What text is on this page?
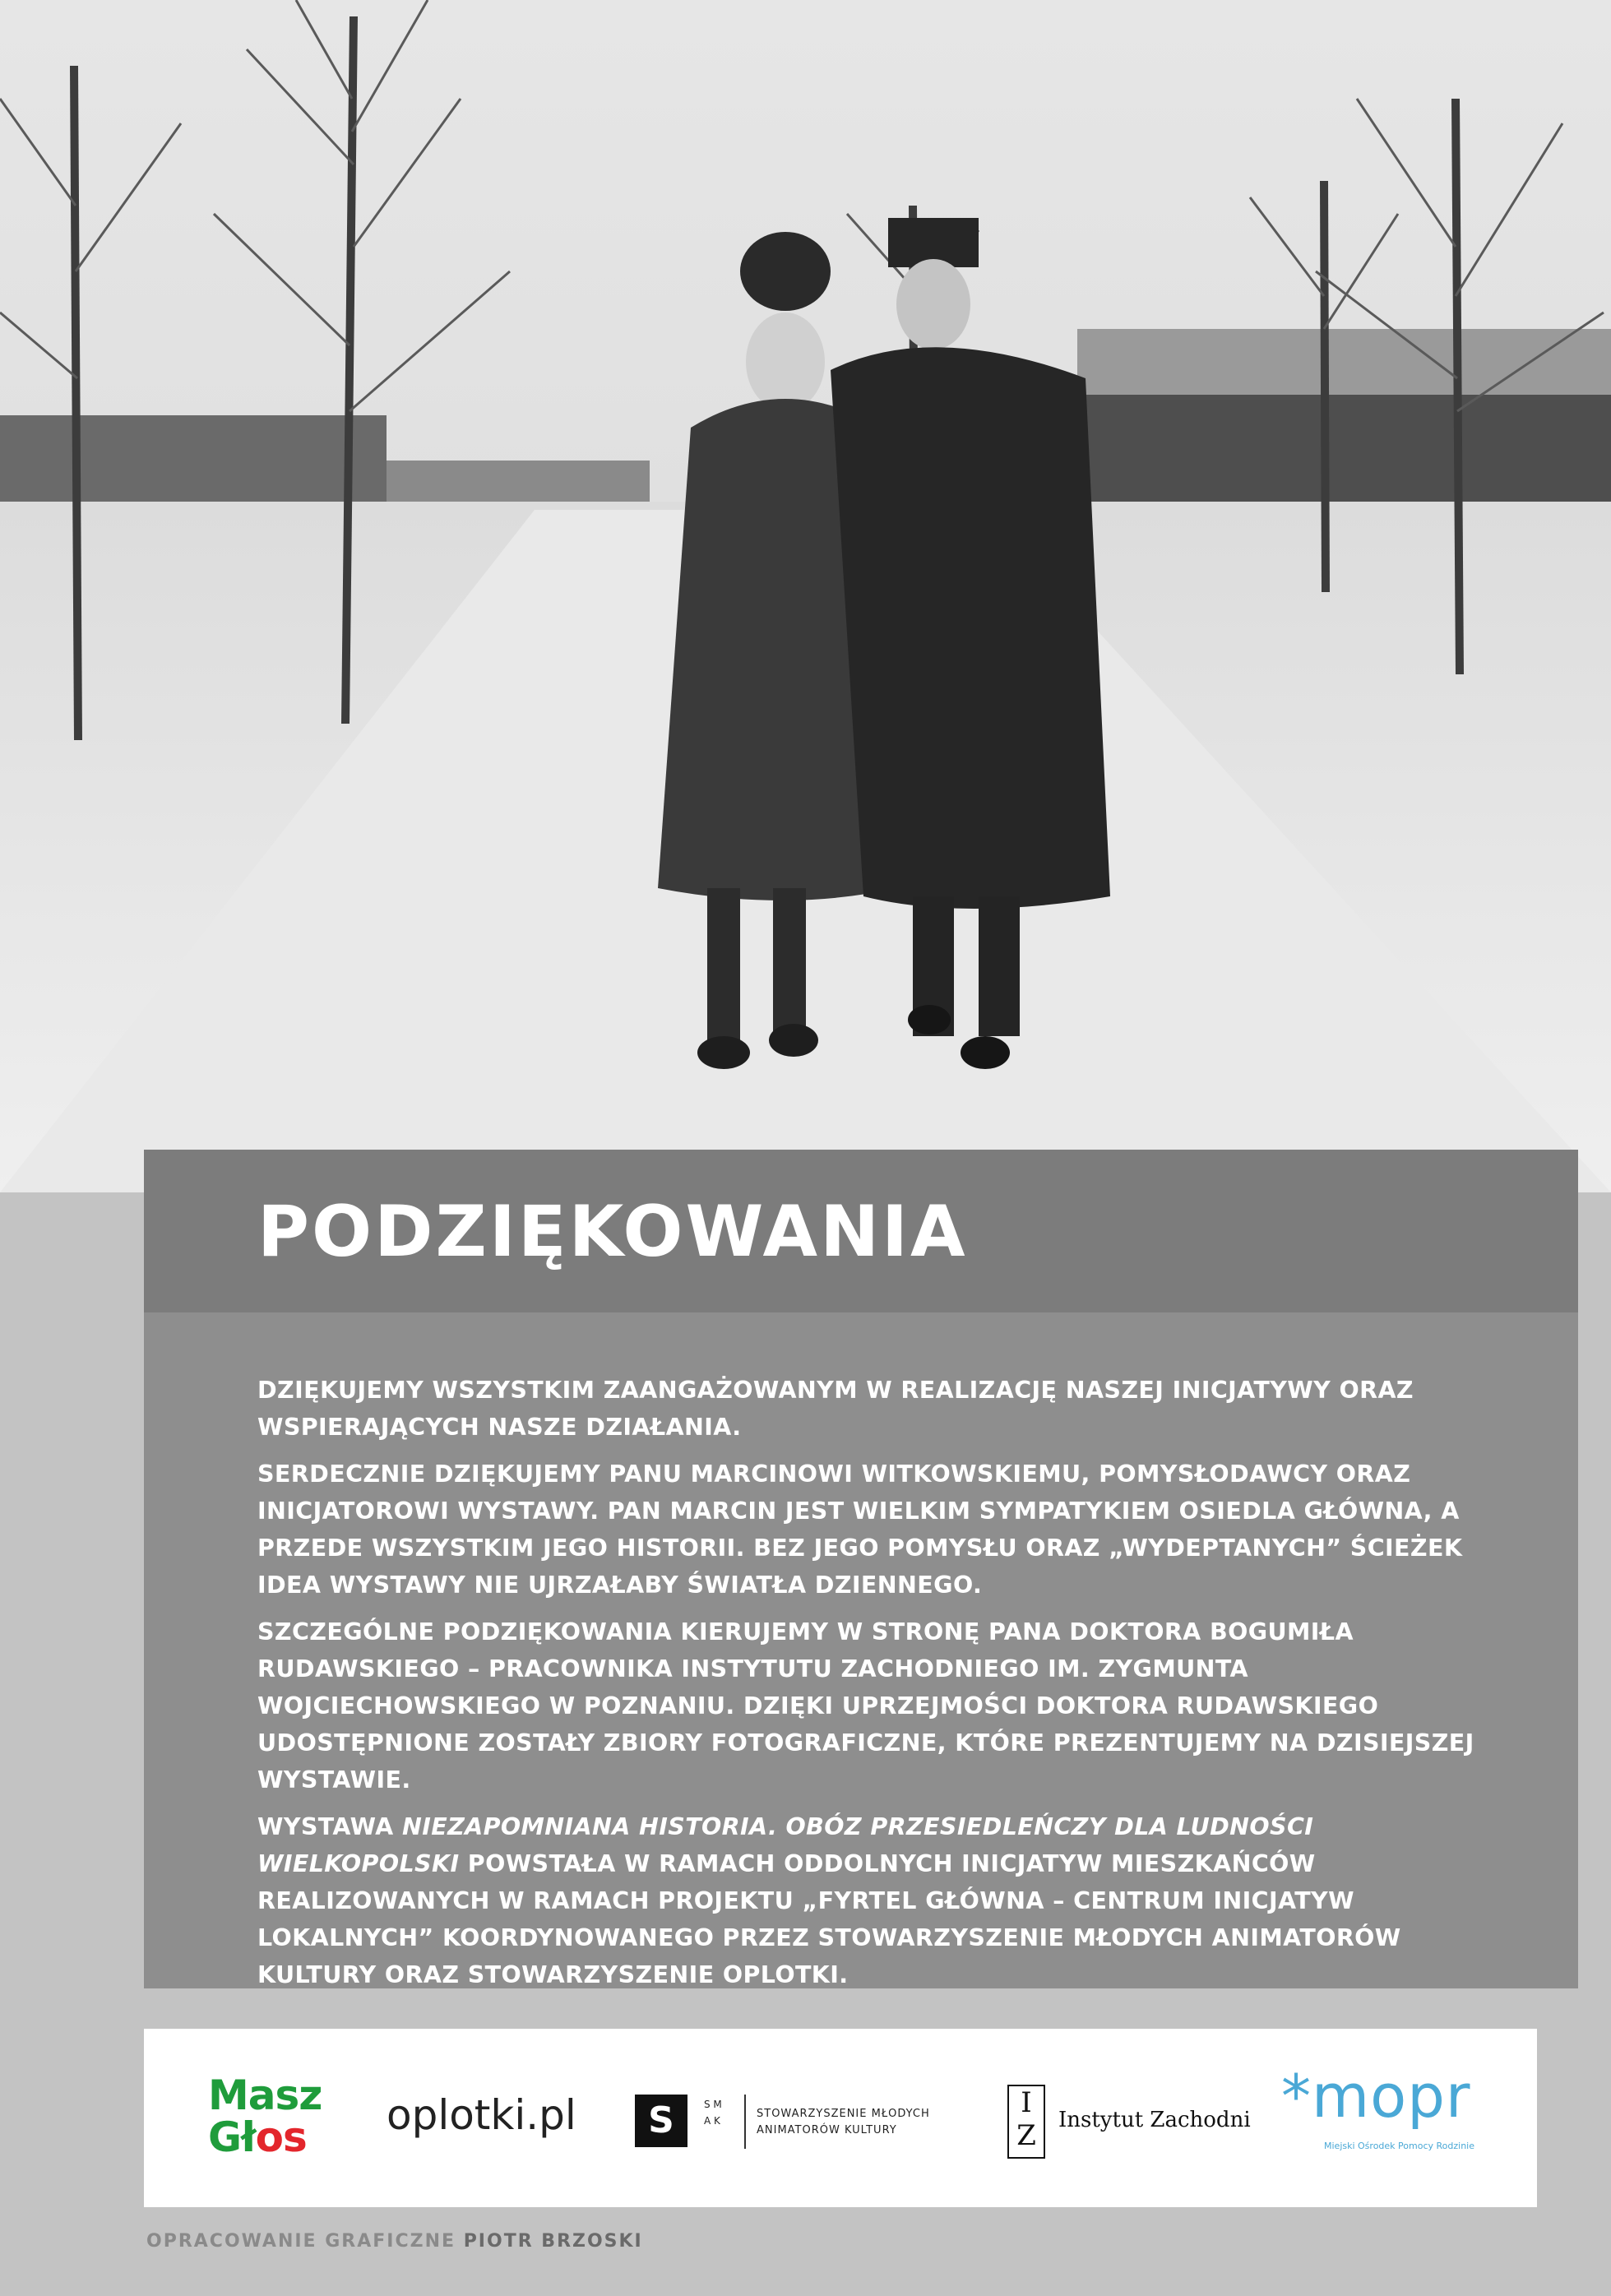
PODZIĘKOWANIA

DZIĘKUJEMY WSZYSTKIM ZAANGAŻOWANYM W REALIZACJĘ NASZEJ INICJATYWY ORAZ WSPIERAJĄCYCH NASZE DZIAŁANIA.

SERDECZNIE DZIĘKUJEMY PANU MARCINOWI WITKOWSKIEMU, POMYSŁODAWCY ORAZ INICJATOROWI WYSTAWY. PAN MARCIN JEST WIELKIM SYMPATYKIEM OSIEDLA GŁÓWNA, A PRZEDE WSZYSTKIM JEGO HISTORII. BEZ JEGO POMYSŁU ORAZ „WYDEPTANYCH” ŚCIEŻEK IDEA WYSTAWY NIE UJRZAŁABY ŚWIATŁA DZIENNEGO.

SZCZEGÓLNE PODZIĘKOWANIA KIERUJEMY W STRONĘ PANA DOKTORA BOGUMIŁA RUDAWSKIEGO – PRACOWNIKA INSTYTUTU ZACHODNIEGO IM. ZYGMUNTA WOJCIECHOWSKIEGO W POZNANIU. DZIĘKI UPRZEJMOŚCI DOKTORA RUDAWSKIEGO UDOSTĘPNIONE ZOSTAŁY ZBIORY FOTOGRAFICZNE, KTÓRE PREZENTUJEMY NA DZISIEJSZEJ WYSTAWIE.

WYSTAWA NIEZAPOMNIANA HISTORIA. OBÓZ PRZESIEDLEŃCZY DLA LUDNOŚCI WIELKOPOLSKI POWSTAŁA W RAMACH ODDOLNYCH INICJATYW MIESZKAŃCÓW REALIZOWANYCH W RAMACH PROJEKTU „FYRTEL GŁÓWNA – CENTRUM INICJATYW LOKALNYCH” KOORDYNOWANEGO PRZEZ STOWARZYSZENIE MŁODYCH ANIMATORÓW KULTURY ORAZ STOWARZYSZENIE OPLOTKI.

Masz
Głos oplotki.pl	S	S M
A K
STOWARZYSZENIE MŁODYCH
ANIMATORÓW KULTURY
I
Z	Instytut Zachodni *mopr
Miejski Ośrodek Pomocy Rodzinie
OPRACOWANIE GRAFICZNE PIOTR BRZOSKI
